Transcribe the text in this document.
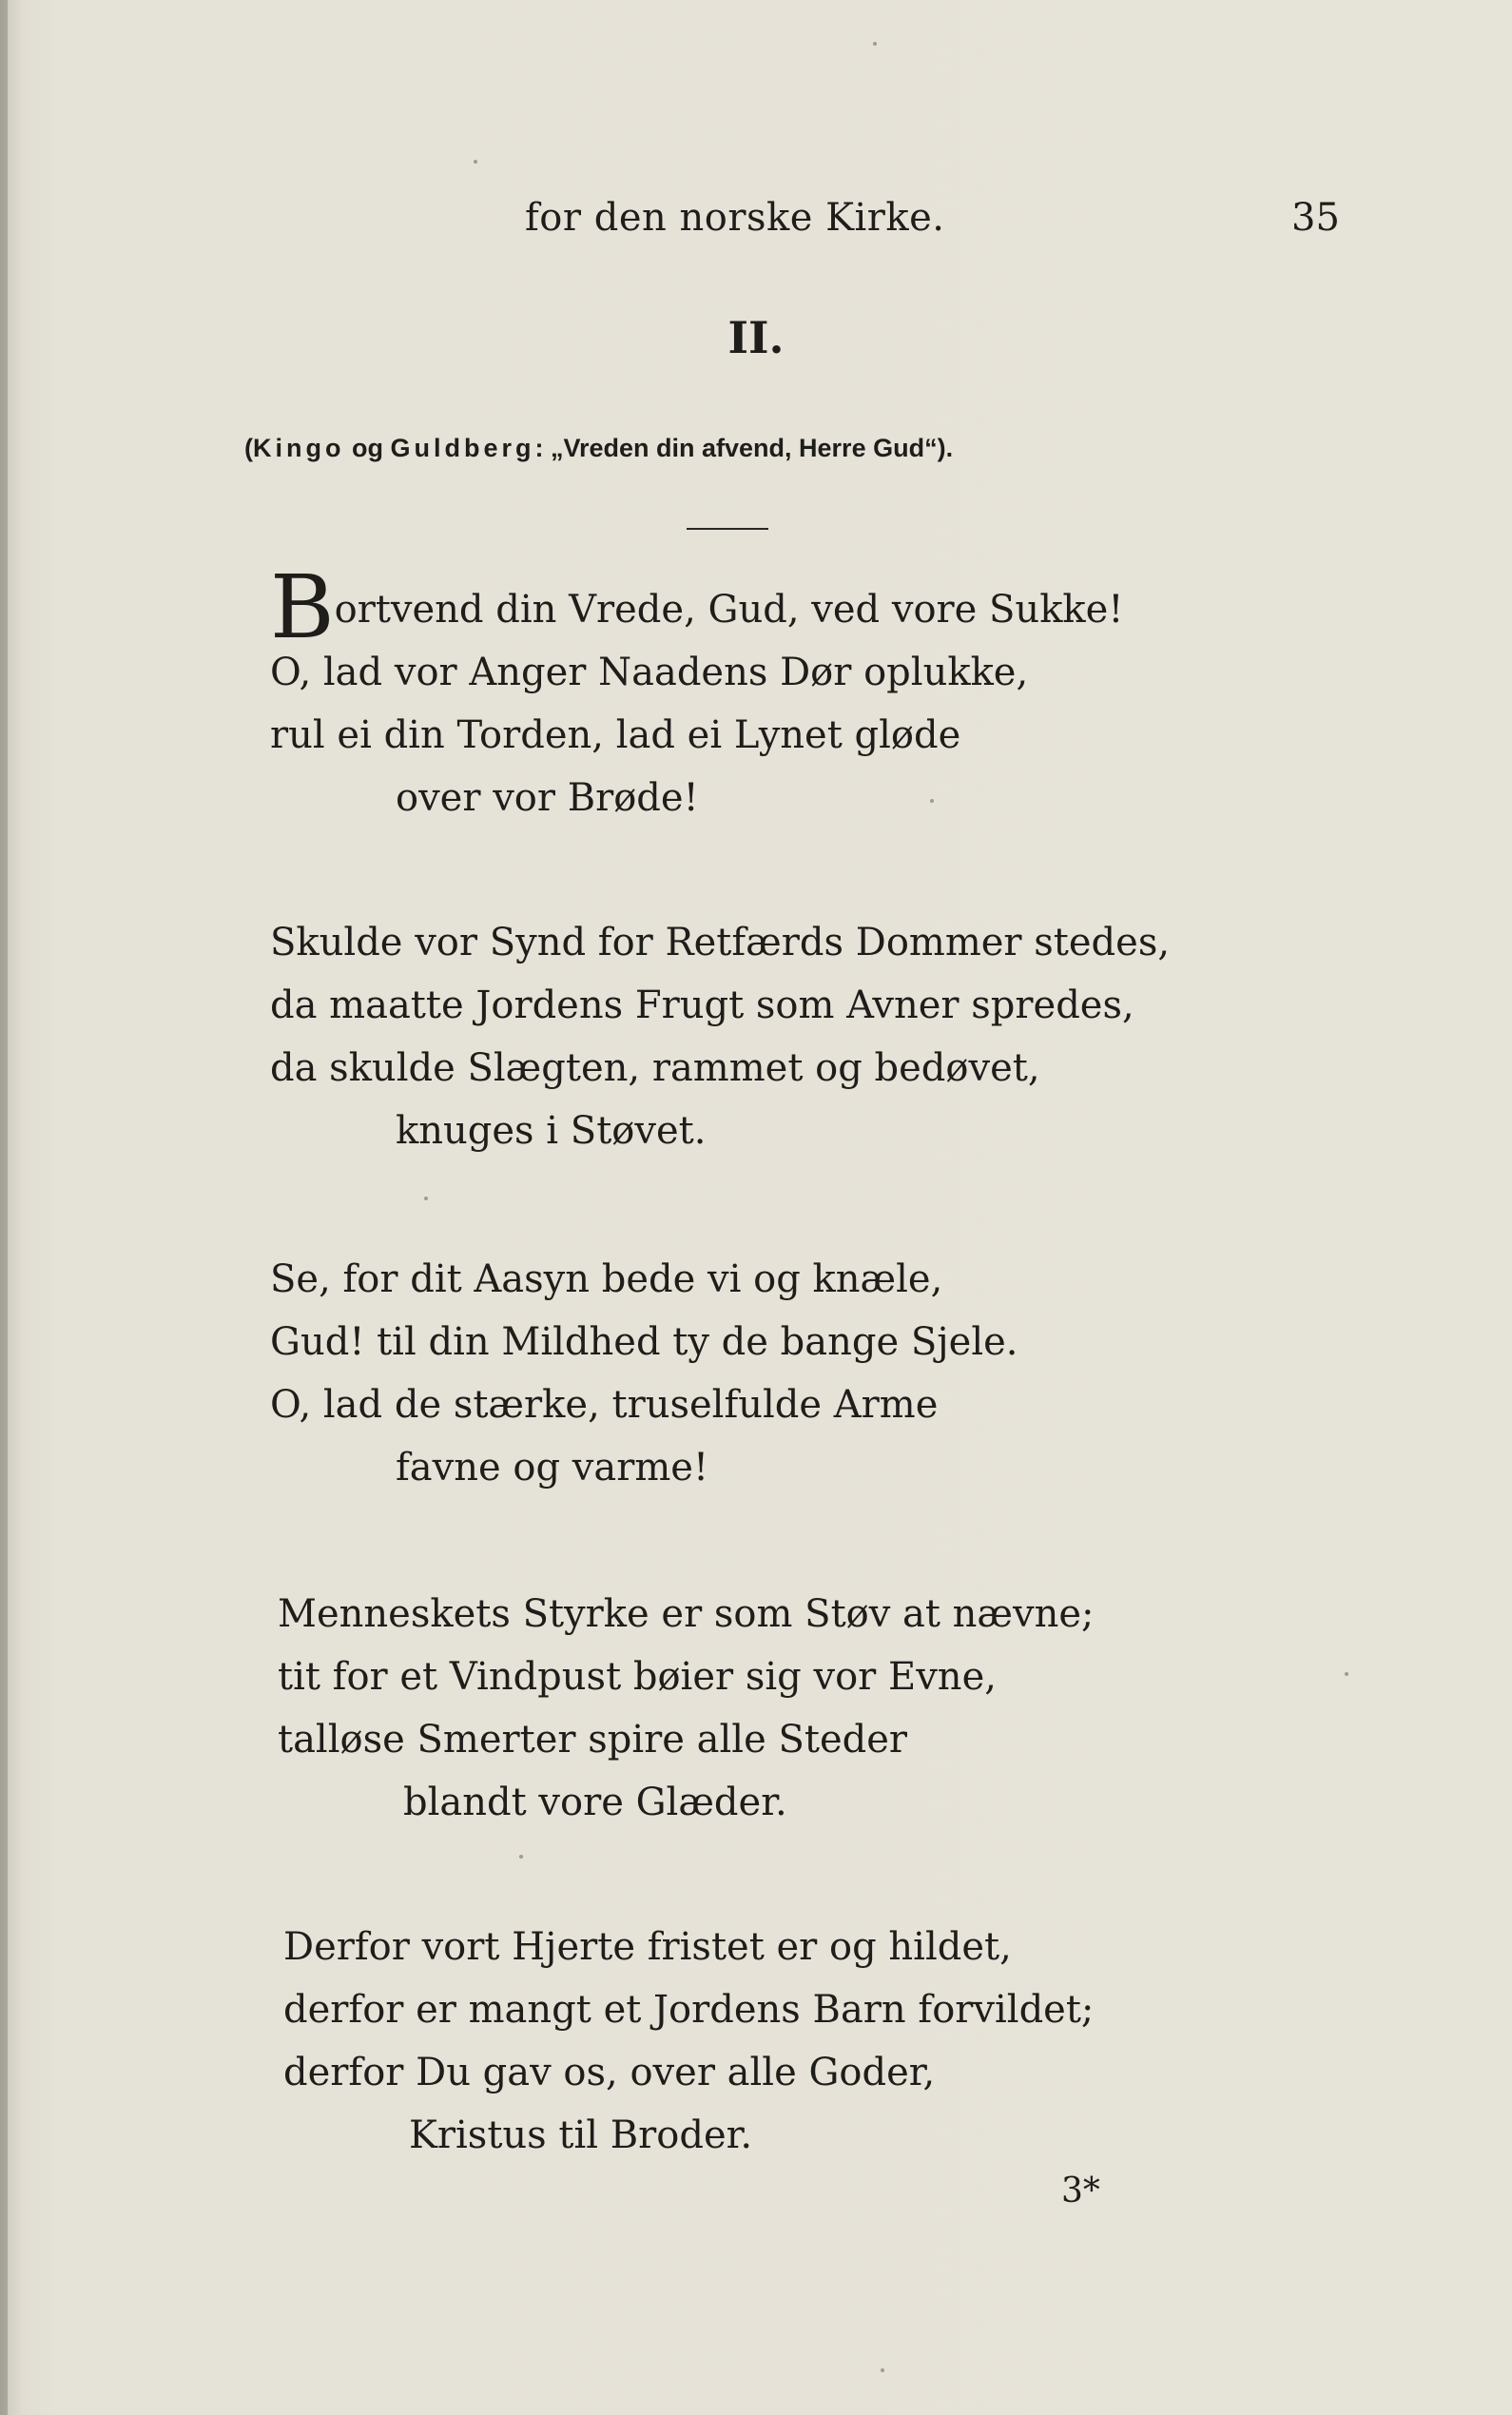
for den norske Kirke.	35
II.
(Kingo og Guldberg: „Vreden din afvend, Herre Gud“).
Bortvend din Vrede, Gud, ved vore Sukke!
O, lad vor Anger Naadens Dør oplukke,
rul ei din Torden, lad ei Lynet gløde
over vor Brøde!
Skulde vor Synd for Retfærds Dommer stedes,
da maatte Jordens Frugt som Avner spredes,
da skulde Slægten, rammet og bedøvet,
knuges i Støvet.
Se, for dit Aasyn bede vi og knæle,
Gud! til din Mildhed ty de bange Sjele.
O, lad de stærke, truselfulde Arme
favne og varme!
Menneskets Styrke er som Støv at nævne;
tit for et Vindpust bøier sig vor Evne,
talløse Smerter spire alle Steder
blandt vore Glæder.
Derfor vort Hjerte fristet er og hildet,
derfor er mangt et Jordens Barn forvildet;
derfor Du gav os, over alle Goder,
Kristus til Broder.
3*
